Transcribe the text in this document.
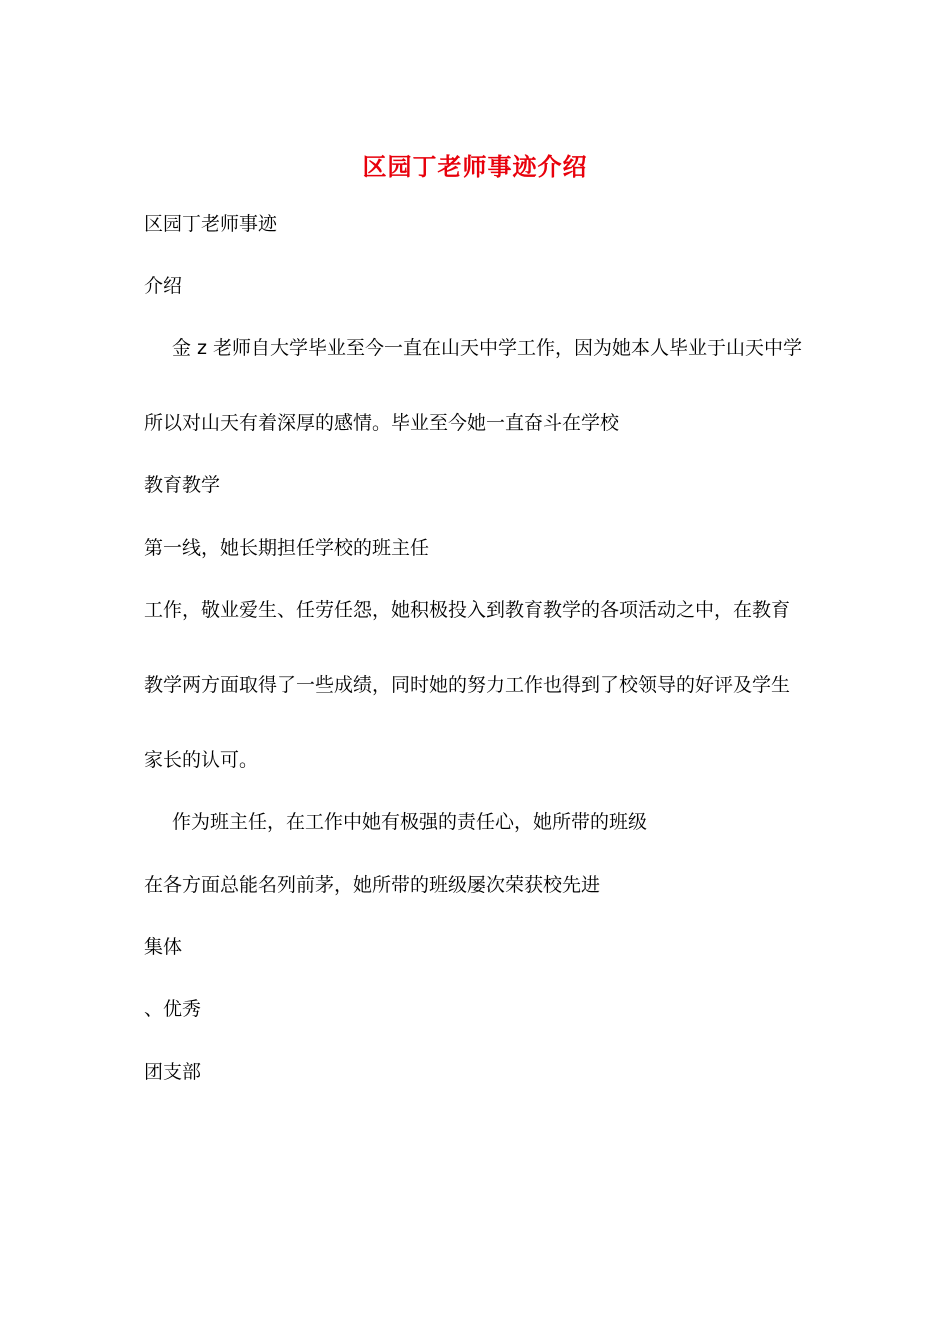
区园丁老师事迹介绍
区园丁老师事迹
介绍
金 z 老师自大学毕业至今一直在山天中学工作，因为她本人毕业于山天中学
所以对山天有着深厚的感情。毕业至今她一直奋斗在学校
教育教学
第一线，她长期担任学校的班主任
工作，敬业爱生、任劳任怨，她积极投入到教育教学的各项活动之中，在教育
教学两方面取得了一些成绩，同时她的努力工作也得到了校领导的好评及学生
家长的认可。
作为班主任，在工作中她有极强的责任心，她所带的班级
在各方面总能名列前茅，她所带的班级屡次荣获校先进
集体
、优秀
团支部
